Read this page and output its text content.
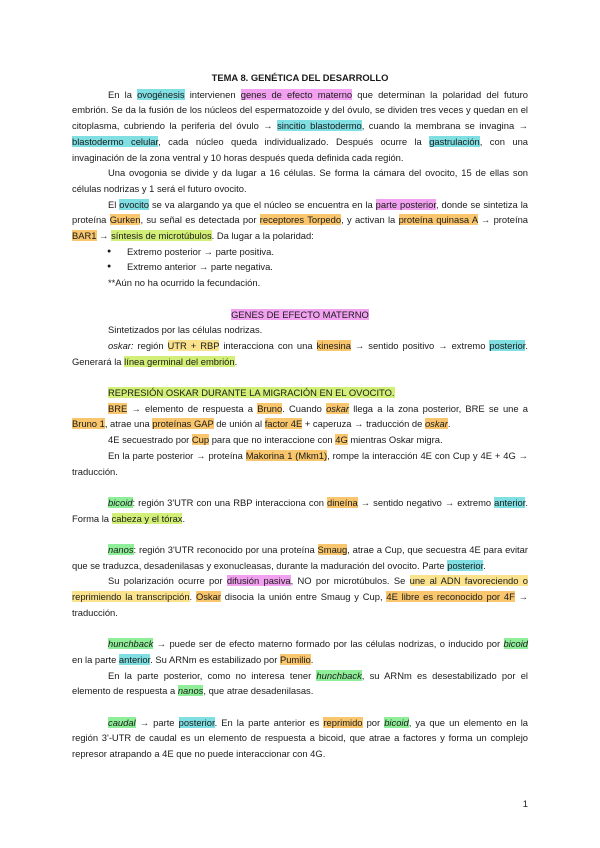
TEMA 8. GENÉTICA DEL DESARROLLO

En la ovogénesis intervienen genes de efecto materno que determinan la polaridad del futuro embrión. Se da la fusión de los núcleos del espermatozoide y del óvulo, se dividen tres veces y quedan en el citoplasma, cubriendo la periferia del óvulo → sincitio blastodermo, cuando la membrana se invagina → blastodermo celular, cada núcleo queda individualizado. Después ocurre la gastrulación, con una invaginación de la zona ventral y 10 horas después queda definida cada región.

Una ovogonia se divide y da lugar a 16 células. Se forma la cámara del ovocito, 15 de ellas son células nodrizas y 1 será el futuro ovocito.

El ovocito se va alargando ya que el núcleo se encuentra en la parte posterior, donde se sintetiza la proteína Gurken, su señal es detectada por receptores Torpedo, y activan la proteína quinasa A → proteína BAR1 → síntesis de microtúbulos. Da lugar a la polaridad:

● Extremo posterior → parte positiva.
● Extremo anterior → parte negativa.

**Aún no ha ocurrido la fecundación.

GENES DE EFECTO MATERNO

Sintetizados por las células nodrizas.

oskar: región UTR + RBP interacciona con una kinesina → sentido positivo → extremo posterior. Generará la línea germinal del embrión.

REPRESIÓN OSKAR DURANTE LA MIGRACIÓN EN EL OVOCITO.

BRE → elemento de respuesta a Bruno. Cuando oskar llega a la zona posterior, BRE se une a Bruno 1, atrae una proteínas GAP de unión al factor 4E + caperuza → traducción de oskar.

4E secuestrado por Cup para que no interaccione con 4G mientras Oskar migra.

En la parte posterior → proteína Makorina 1 (Mkm1), rompe la interacción 4E con Cup y 4E + 4G → traducción.

bicoid: región 3'UTR con una RBP interacciona con dineína → sentido negativo → extremo anterior. Forma la cabeza y el tórax.

nanos: región 3'UTR reconocido por una proteína Smaug, atrae a Cup, que secuestra 4E para evitar que se traduzca, desadenilasas y exonucleasas, durante la maduración del ovocito. Parte posterior.

Su polarización ocurre por difusión pasiva, NO por microtúbulos. Se une al ADN favoreciendo o reprimiendo la transcripción. Oskar disocia la unión entre Smaug y Cup, 4E libre es reconocido por 4F → traducción.

hunchback → puede ser de efecto materno formado por las células nodrizas, o inducido por bicoid en la parte anterior. Su ARNm es estabilizado por Pumilio.

En la parte posterior, como no interesa tener hunchback, su ARNm es desestabilizado por el elemento de respuesta a nanos, que atrae desadenilasas.

caudal → parte posterior. En la parte anterior es reprimido por bicoid, ya que un elemento en la región 3'-UTR de caudal es un elemento de respuesta a bicoid, que atrae a factores y forma un complejo represor atrapando a 4E que no puede interaccionar con 4G.

1
